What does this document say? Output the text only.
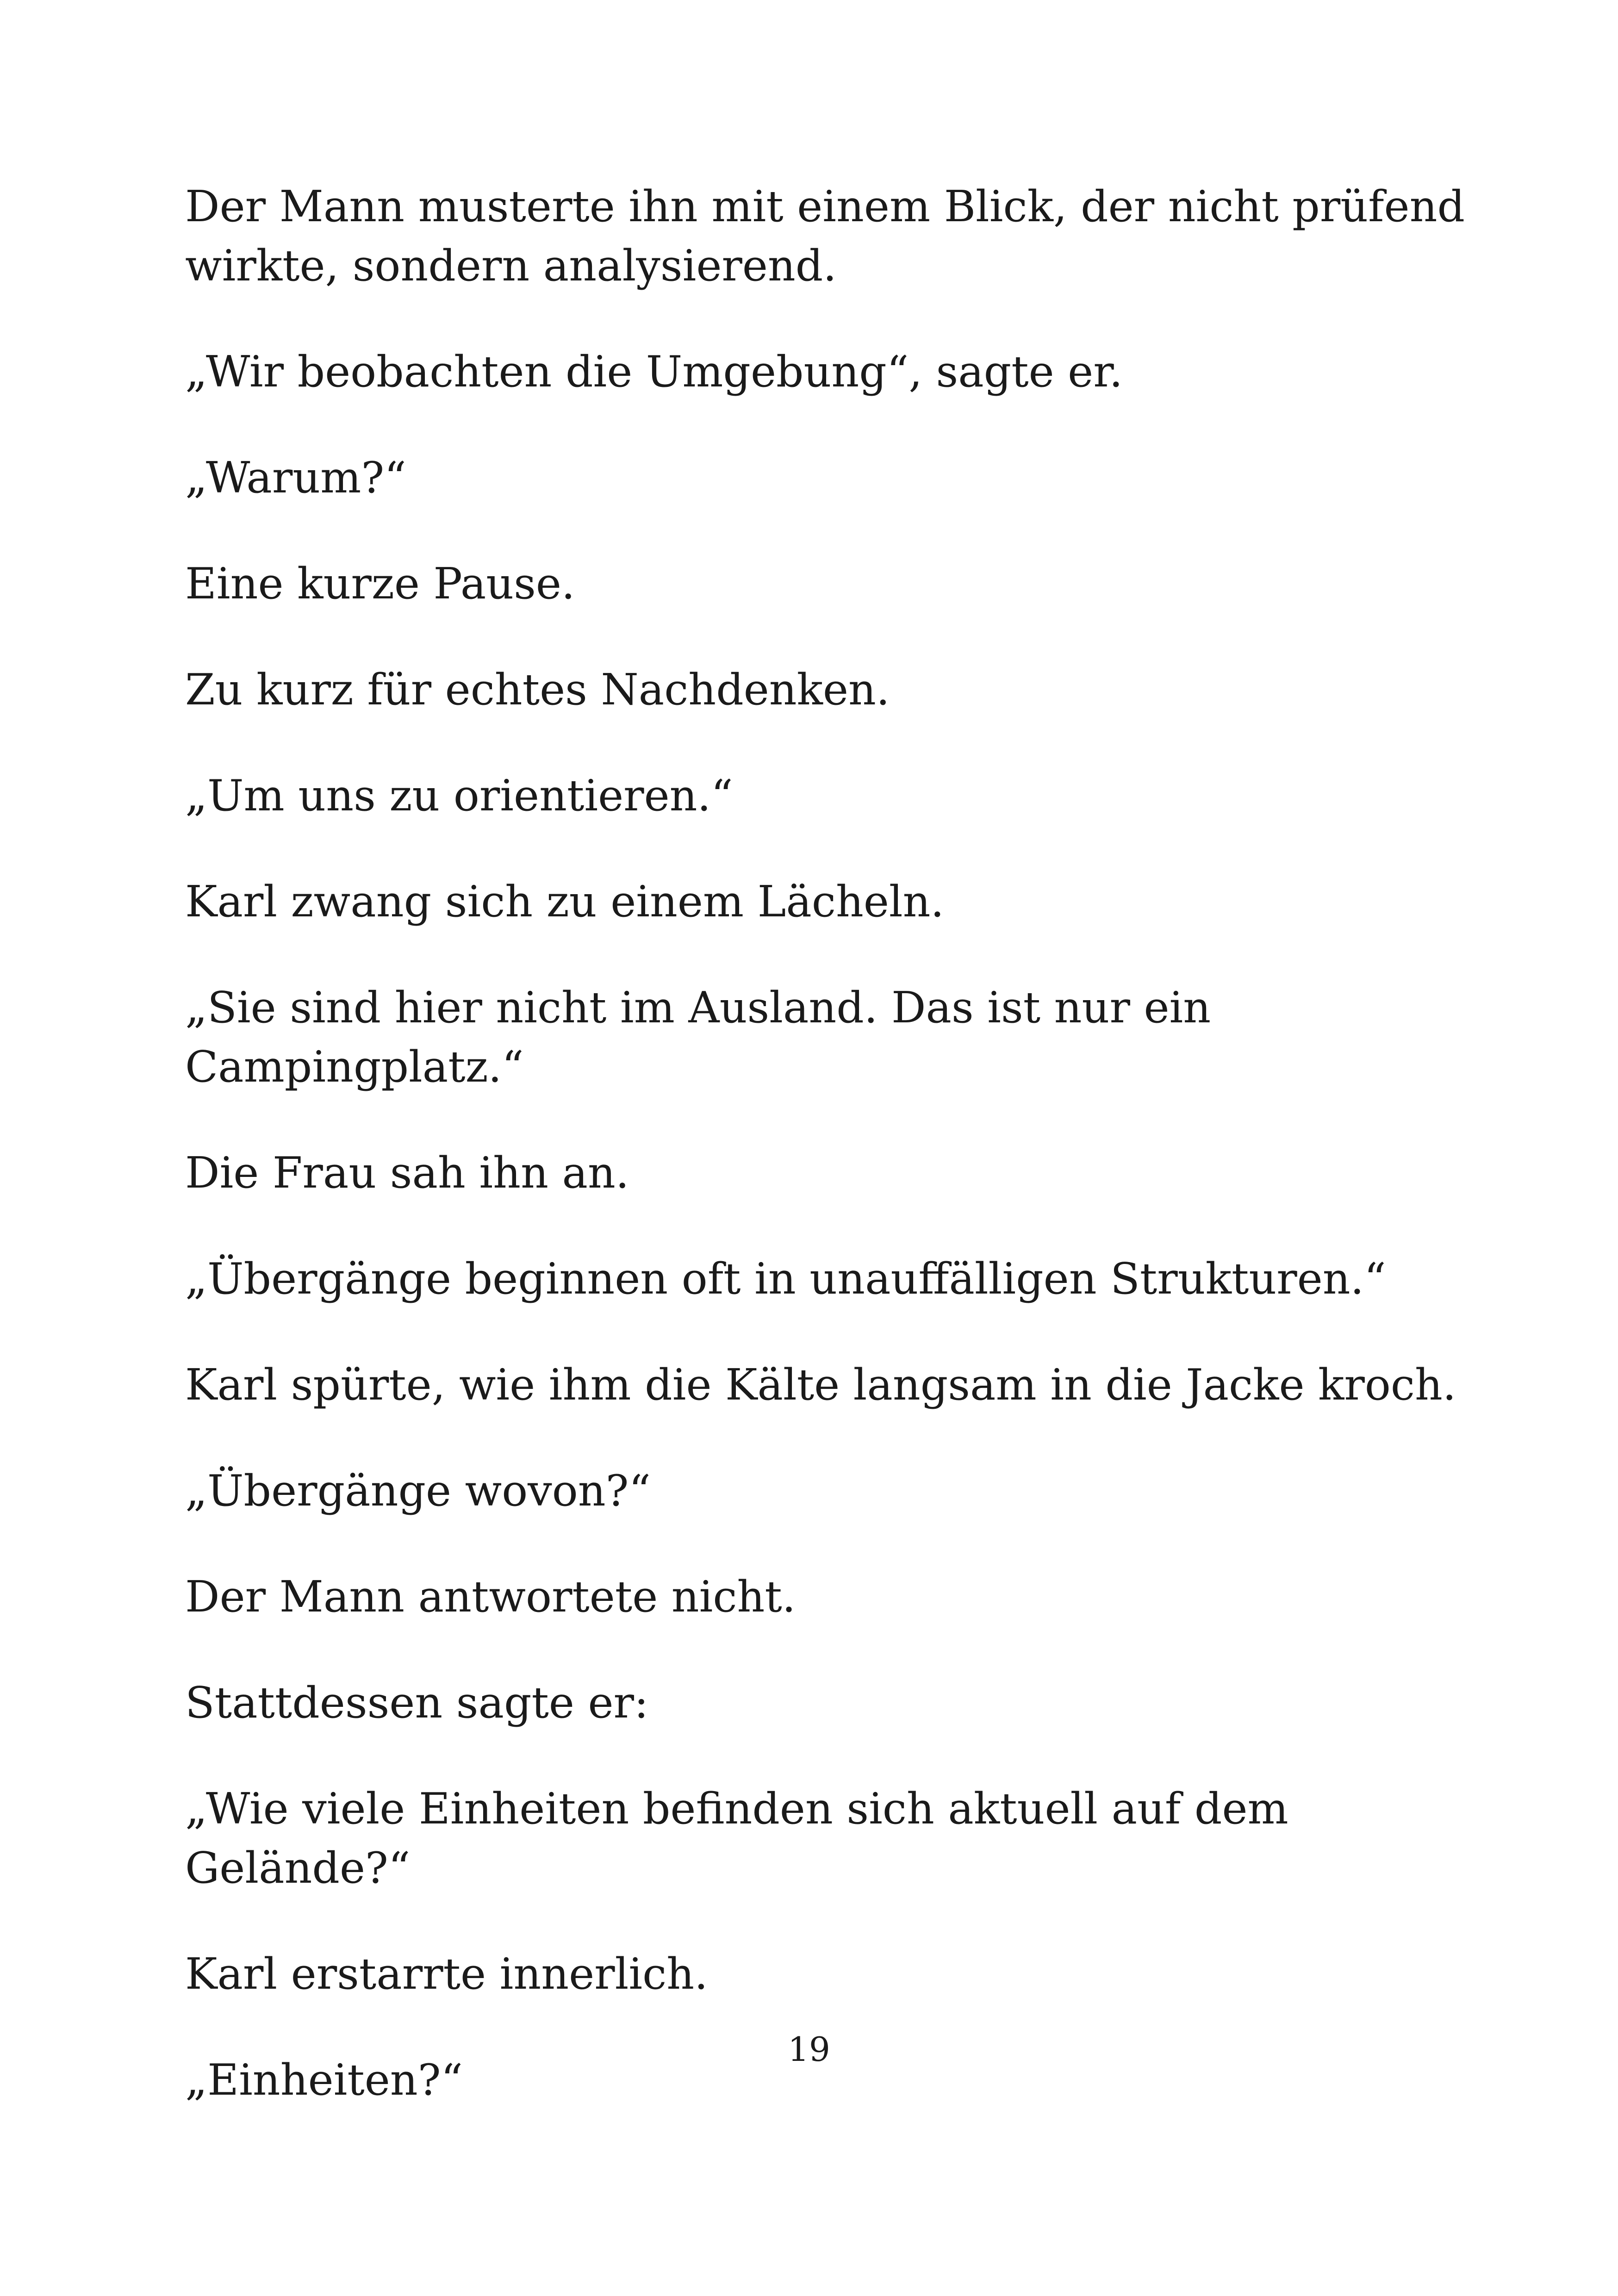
Der Mann musterte ihn mit einem Blick, der nicht prüfend wirkte, sondern analysierend.

„Wir beobachten die Umgebung“, sagte er.

„Warum?“

Eine kurze Pause.

Zu kurz für echtes Nachdenken.

„Um uns zu orientieren.“

Karl zwang sich zu einem Lächeln.

„Sie sind hier nicht im Ausland. Das ist nur ein Campingplatz.“

Die Frau sah ihn an.

„Übergänge beginnen oft in unauffälligen Strukturen.“

Karl spürte, wie ihm die Kälte langsam in die Jacke kroch.

„Übergänge wovon?“

Der Mann antwortete nicht.

Stattdessen sagte er:

„Wie viele Einheiten befinden sich aktuell auf dem Gelände?“

Karl erstarrte innerlich.

„Einheiten?“

19
